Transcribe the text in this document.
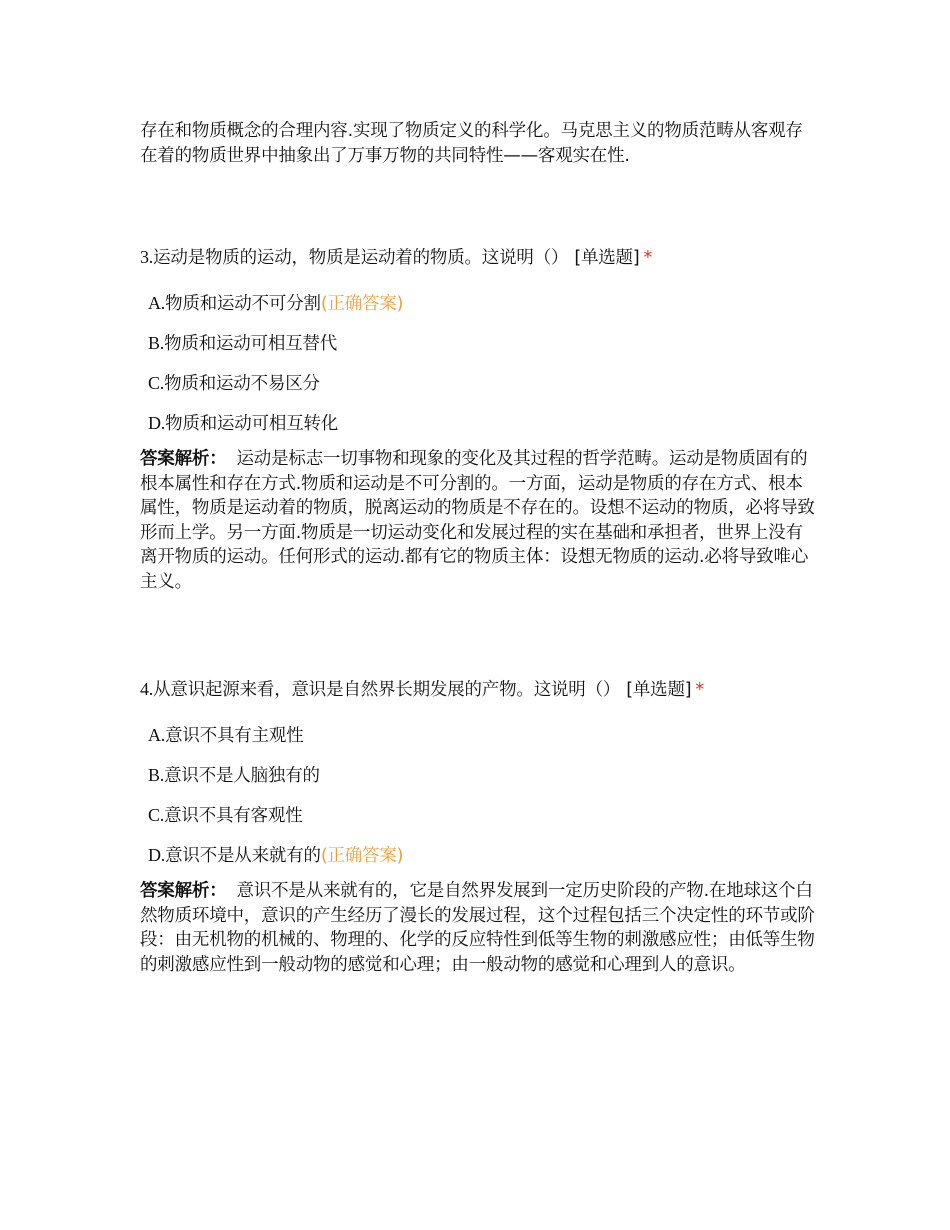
存在和物质概念的合理内容.实现了物质定义的科学化。马克思主义的物质范畴从客观存在着的物质世界中抽象出了万事万物的共同特性——客观实在性.
3.运动是物质的运动，物质是运动着的物质。这说明（） [单选题] *
A.物质和运动不可分割(正确答案)
B.物质和运动可相互替代
C.物质和运动不易区分
D.物质和运动可相互转化
答案解析： 运动是标志一切事物和现象的变化及其过程的哲学范畴。运动是物质固有的根本属性和存在方式.物质和运动是不可分割的。一方面，运动是物质的存在方式、根本属性，物质是运动着的物质，脱离运动的物质是不存在的。设想不运动的物质，必将导致形而上学。另一方面.物质是一切运动变化和发展过程的实在基础和承担者，世界上没有离开物质的运动。任何形式的运动.都有它的物质主体：设想无物质的运动.必将导致唯心主义。
4.从意识起源来看，意识是自然界长期发展的产物。这说明（） [单选题] *
A.意识不具有主观性
B.意识不是人脑独有的
C.意识不具有客观性
D.意识不是从来就有的(正确答案)
答案解析： 意识不是从来就有的，它是自然界发展到一定历史阶段的产物.在地球这个白然物质环境中，意识的产生经历了漫长的发展过程，这个过程包括三个决定性的环节或阶段：由无机物的机械的、物理的、化学的反应特性到低等生物的刺激感应性；由低等生物的刺激感应性到一般动物的感觉和心理；由一般动物的感觉和心理到人的意识。
